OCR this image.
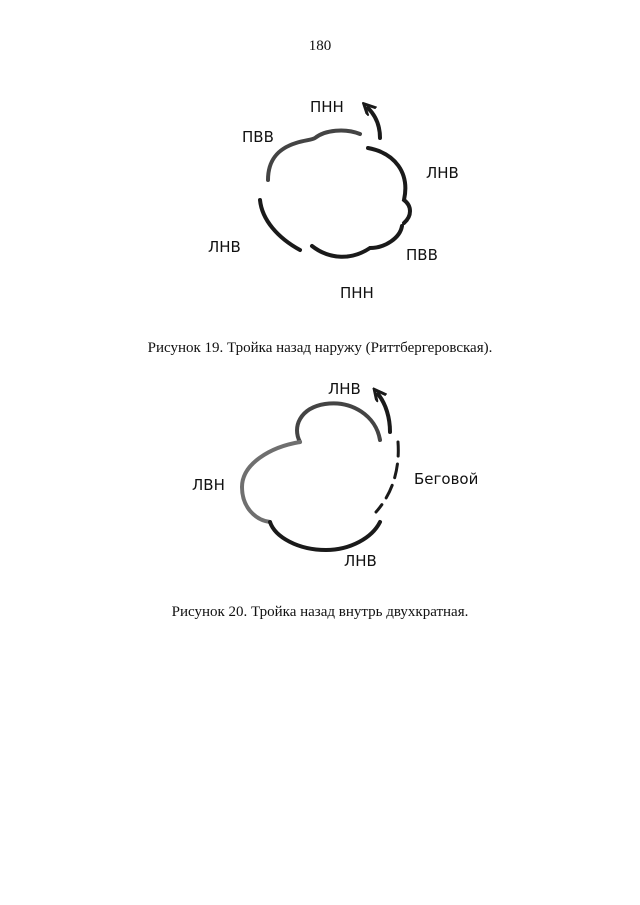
180
ПНН
ПВВ
ЛНВ
ЛНВ	ПВВ
ПНН
Рисунок 19. Тройка назад наружу (Риттбергеровская).
ЛНВ
ЛВН	Беговой
ЛНВ
Рисунок 20. Тройка назад внутрь двухкратная.
